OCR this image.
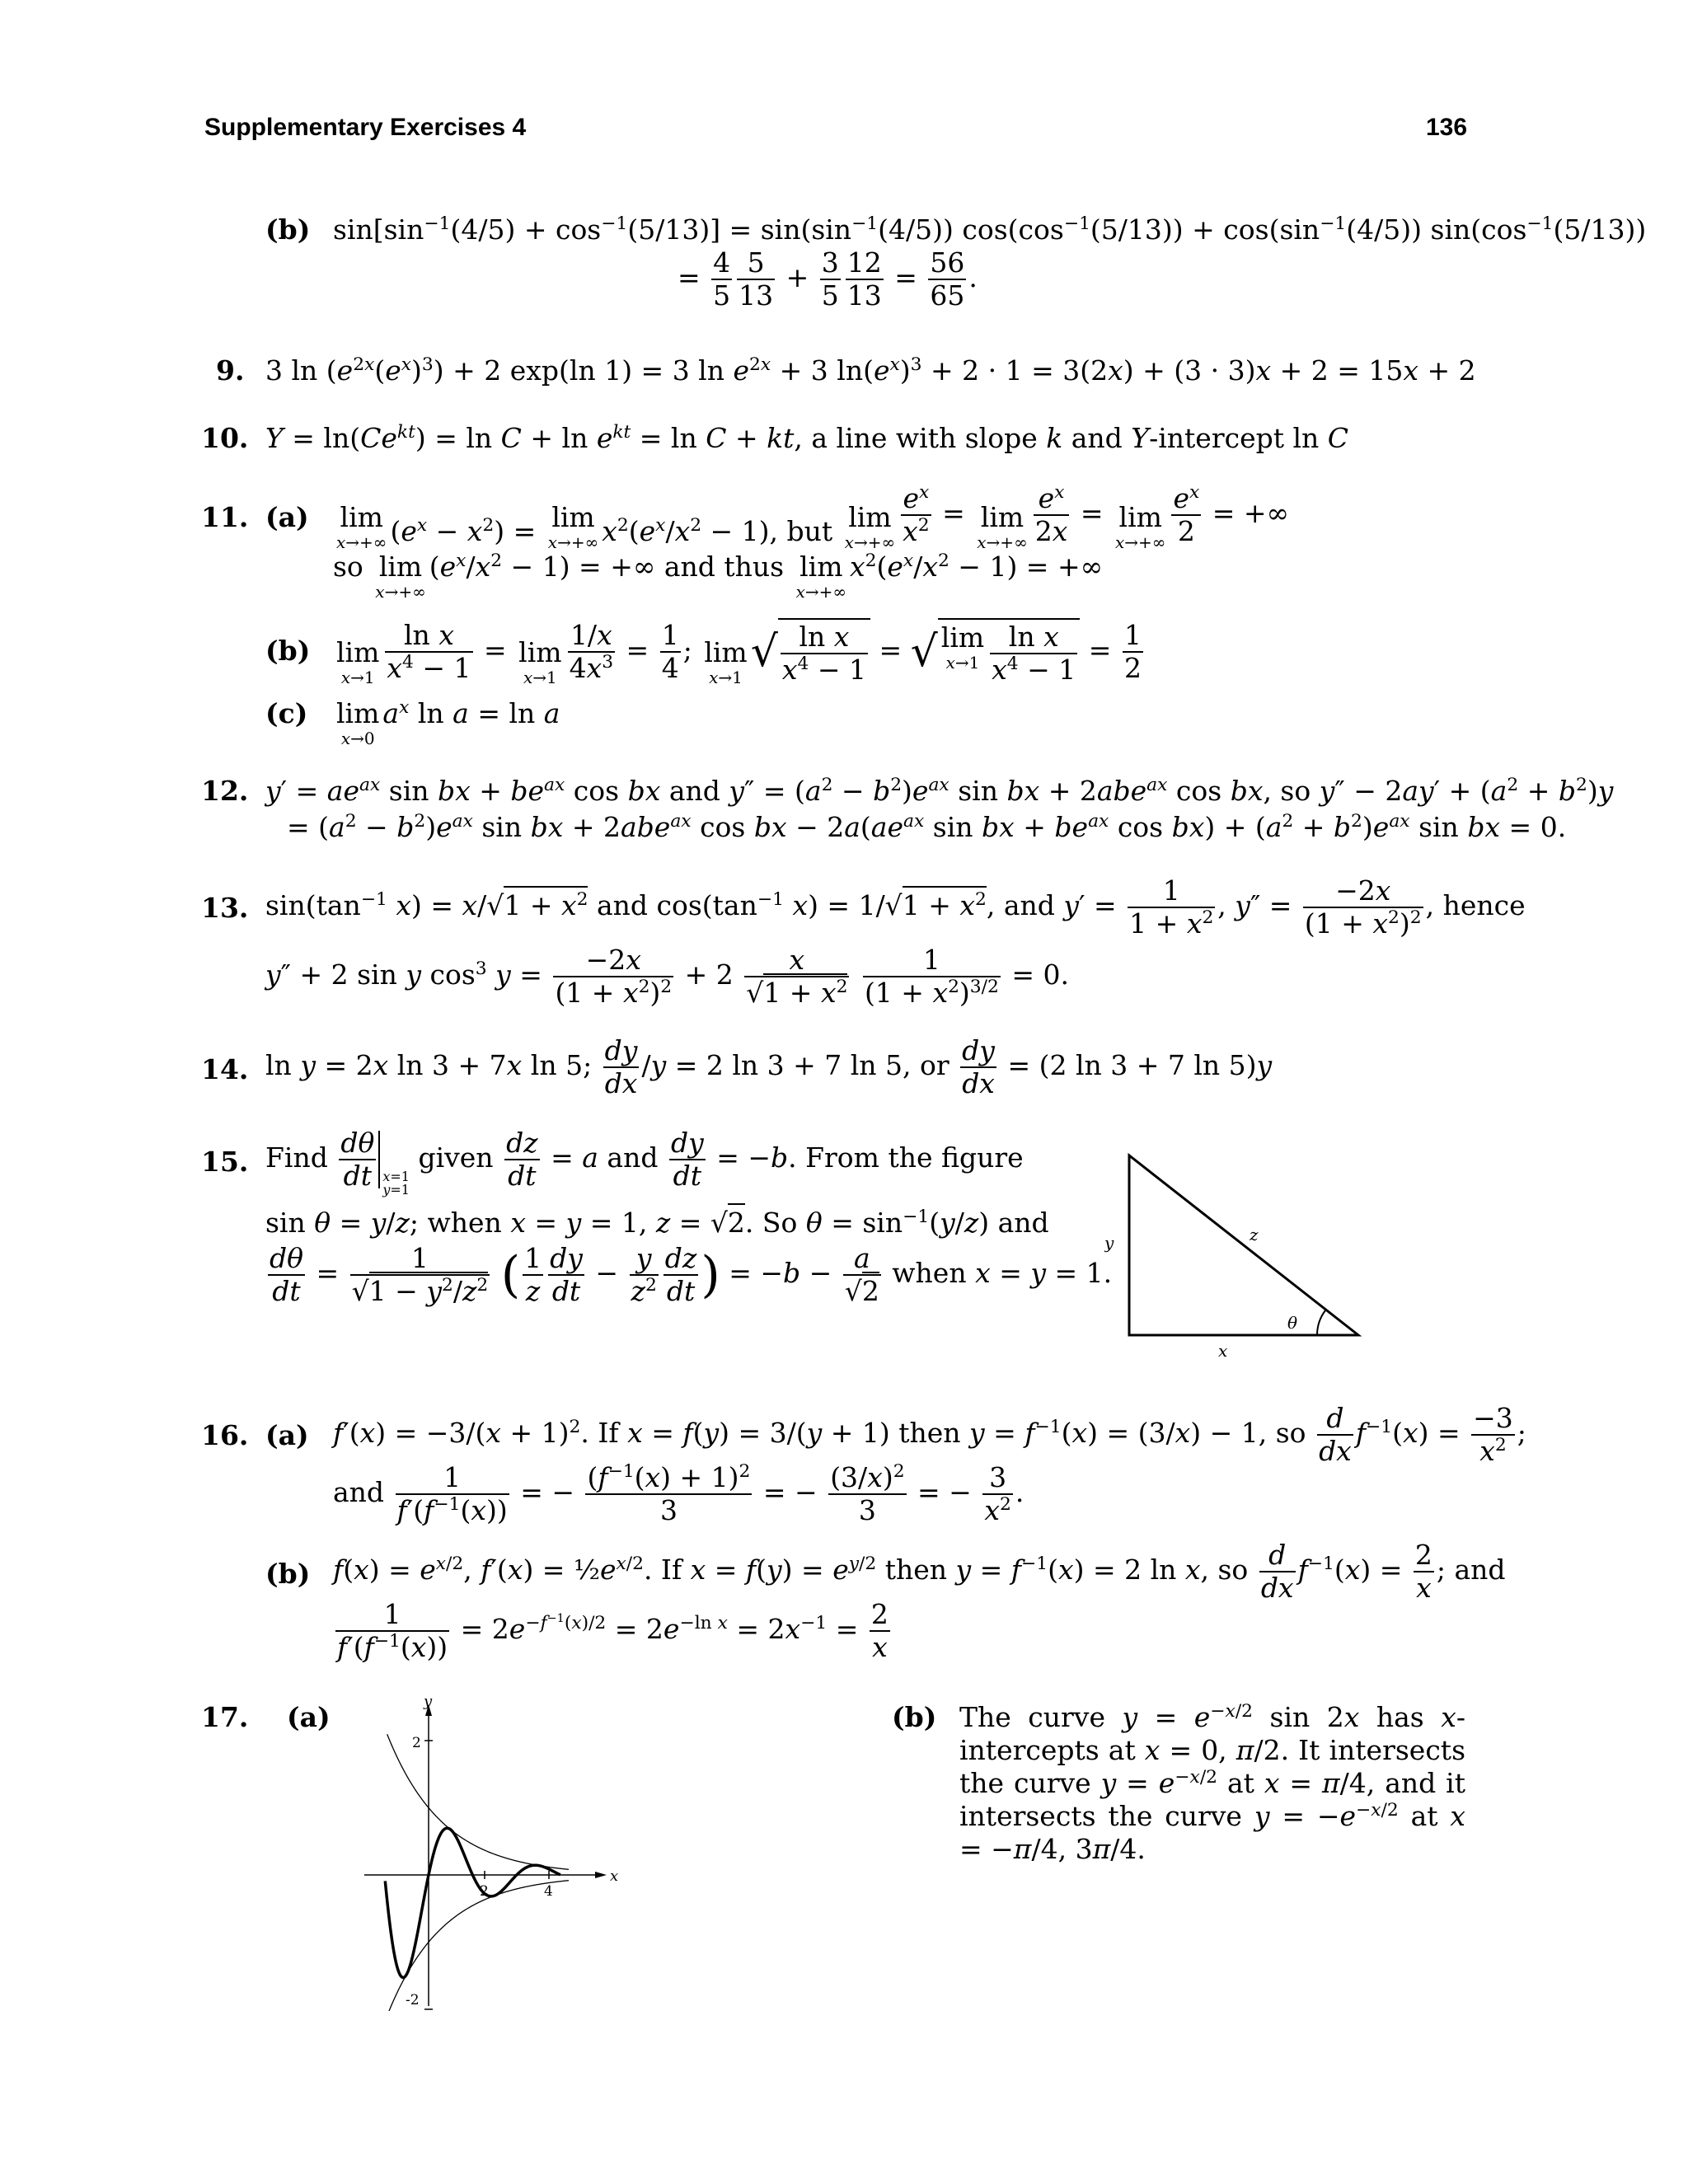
Supplementary Exercises 4	136
(b) $\sin[\sin^{-1}(4/5) + \cos^{-1}(5/13)] = \sin(\sin^{-1}(4/5)) \cos(\cos^{-1}(5/13)) + \cos(\sin^{-1}(4/5))$ $\sin(\cos^{-1}(5/13))$
= $\frac{4}{5} \frac{5}{13} + \frac{3}{5} \frac{12}{13} = \frac{56}{65}$ .
9. 3 $\ln (e^{2x}(e^x)^3) + 2$ exp(ln 1) = 3 $\ln e^{2x} + 3$ $\ln(e^x)^3 + 2 \cdot 1 = 3(2x) + (3 \cdot 3)x + 2 = 15x + 2$
10. $Y = \ln(Ce^{kt}) = \ln C + \ln e^{kt} = \ln C$ + kt, a line with slope k and Y-intercept ln C
11. (a) lim
x→+∞ $(e^x - x^2) = \lim$
x→+∞ $x^2(e^x/x^2 - 1)$, but lim
$x\to+\infty \frac{e^x}{x^2} = \lim$
$x\to+\infty \frac{e^x}{2x} = \lim$
$x\to+\infty \frac{e^x}{2}$ = +∞
so lim
x→+∞
$(e^x/x^2 - 1)$ = +∞ and thus lim
x→+∞
$x^2(e^x/x^2 - 1)$ = +∞
(b) lim
$x\to 1 \frac{\text{ln x}}{x^4 - 1} = \lim$
$x\to 1 \frac{1/x}{4x^3} = \frac{1}{4}$ ; lim
x→1
√ $\frac{\text{ln x}}{x^4 - 1}$ = √ lim
$x\to 1 \frac{\text{ln x}}{x^4 - 1} = \frac{1}{2}$
(c) lim
x→0
$a^x$ ln a = ln a
12. $y' = ae^{ax}$ sin bx + $be^{ax}$ cos bx and $y'' = (a^2 - b^2)e^{ax}$ sin bx + 2abe$^{ax}$ cos bx, so $y'' - 2ay' + (a^2 + b^2)y$
= $(a^2 - b^2)e^{ax}$ sin bx + 2abe$^{ax}$ cos bx − $2a(ae^{ax}$ sin bx + $be^{ax}$ $\cos bx) + (a^2 + b^2)e^{ax}$ sin bx = 0.
13. $\sin(\tan^{-1}$ $x) = x/√1 + x^2$ and $\cos(\tan^{-1}$ $x) = 1/√1 + x^2$, and $y' = \frac{1}{1 + x^2}$ , $y'' = \frac{-2x}{(1 + x^2)^2}$ , hence
y″ + 2 sin y $\cos^3 y = \frac{-2x}{(1 + x^2)^2} + 2 \frac{x}{√1 + x^2}$
$\frac{1}{(1 + x^2)^{3/2}} = 0$.
14. ln y = 2x ln 3 + 7x ln 5; $\frac{dy}{dx} /y = 2$ ln 3 + 7 ln 5, or $\frac{dy}{dx} = (2$ ln 3 + 7 ln 5)y
15. Find $\frac{d\theta}{dt} x=1$
y=1 given $\frac{dz}{dt} = a$ and $\frac{dy}{dt} = -b$. From the figure
sin θ = y/z; when x = y = 1, z = √2. So $\theta = \sin^{-1}(y/z)$ and
$\frac{d\theta}{dt} = \frac{1}{√1 - y^2/z^2}$ ( $\frac{1}{z} \frac{dy}{dt} - \frac{y}{z^2} \frac{dz}{dt}$ ) = $-b - \frac{a}{√2}$ when x = y = 1.
y	z
θ
x
16. (a) $f'(x) = -3/(x + 1)^2$. If x = f(y) = 3/(y + 1) then $y = f^{-1}(x) = (3/x) - 1$, so $\frac{d}{dx} f^{-1}(x) = \frac{-3}{x^2}$ ;
and $\frac{1}{f'(f^{-1}(x))}$ = − $\frac{(f^{-1}(x) + 1)^2}{3}$ = − $\frac{(3/x)^2}{3}$ = − $\frac{3}{x^2}$ .
(b) $f(x) = e^{x/2}$, $f'(x) = \frac{1}{2}e^{x/2}$. If $x = f(y) = e^{y/2}$ then $y = f^{-1}(x) = 2$ ln x, so $\frac{d}{dx} f^{-1}(x) = \frac{2}{x}$ ; and
$\frac{1}{f'(f^{-1}(x))} = 2e^{-f^{-1}(x)/2} = 2e^{-ln x} = 2x^{-1} = \frac{2}{x}$
17. (a)	y
x
2
-2
2	4
(b) The curve $y = e^{-x/2}$ sin 2x has x-intercepts at x = 0, π/2. It intersects the curve $y = e^{-x/2}$ at x = π/4, and it intersects the curve $y = -e^{-x/2}$ at x = −π/4, 3π/4.
